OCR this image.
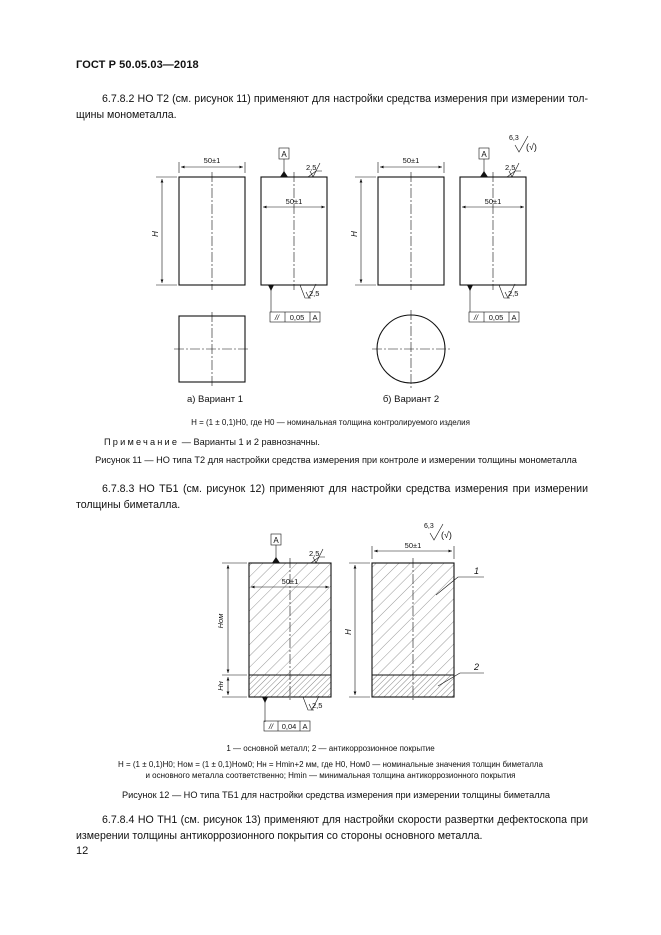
ГОСТ Р 50.05.03—2018
6.7.8.2 НО Т2 (см. рисунок 11) применяют для настройки средства измерения при измерении тол-
щины монометалла.
6,3
(√)
50±1
H
50±1
A
2,5
2,5
// 0,05 A
50±1
H
50±1
A
2,5
2,5
// 0,05 A
6,3
(√)
50±1
A
2,5
2,5
// 0,04 A
Hом
Hн
50±1
H
1
2
а) Вариант 1	б) Вариант 2
H = (1 ± 0,1)H0, где H0 — номинальная толщина контролируемого изделия
Примечание — Варианты 1 и 2 равнозначны.
Рисунок 11 — НО типа Т2 для настройки средства измерения при контроле и измерении толщины монометалла
6.7.8.3 НО ТБ1 (см. рисунок 12) применяют для настройки средства измерения при измерении
толщины биметалла.
1 — основной металл; 2 — антикоррозионное покрытие
H = (1 ± 0,1)H0; Hом = (1 ± 0,1)Hом0; Hн = Hmin+2 мм, где H0, Hом0 — номинальные значения толщин биметалла
и основного металла соответственно; Hmin — минимальная толщина антикоррозионного покрытия
Рисунок 12 — НО типа ТБ1 для настройки средства измерения при измерении толщины биметалла
6.7.8.4 НО ТН1 (см. рисунок 13) применяют для настройки скорости развертки дефектоскопа при
измерении толщины антикоррозионного покрытия со стороны основного металла.
12
